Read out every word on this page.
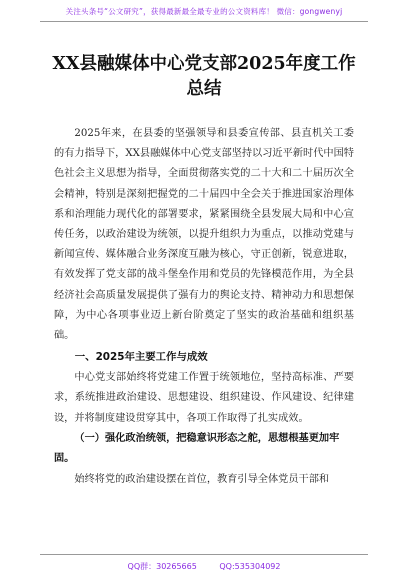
关注头条号“公文研究”，获得最新最全最专业的公文资料库！ 微信：gongwenyj
XX县融媒体中心党支部2025年度工作总结

2025年来，在县委的坚强领导和县委宣传部、县直机关工委的有力指导下，XX县融媒体中心党支部坚持以习近平新时代中国特色社会主义思想为指导，全面贯彻落实党的二十大和二十届历次全会精神，特别是深刻把握党的二十届四中全会关于推进国家治理体系和治理能力现代化的部署要求，紧紧围绕全县发展大局和中心宣传任务，以政治建设为统领，以提升组织力为重点，以推动党建与新闻宣传、媒体融合业务深度互融为核心，守正创新，锐意进取，有效发挥了党支部的战斗堡垒作用和党员的先锋模范作用，为全县经济社会高质量发展提供了强有力的舆论支持、精神动力和思想保障，为中心各项事业迈上新台阶奠定了坚实的政治基础和组织基础。

一、2025年主要工作与成效

中心党支部始终将党建工作置于统领地位，坚持高标准、严要求，系统推进政治建设、思想建设、组织建设、作风建设、纪律建设，并将制度建设贯穿其中，各项工作取得了扎实成效。

（一）强化政治统领，把稳意识形态之舵，思想根基更加牢固。

始终将党的政治建设摆在首位，教育引导全体党员干部和

QQ群：30265665	QQ:535304092
